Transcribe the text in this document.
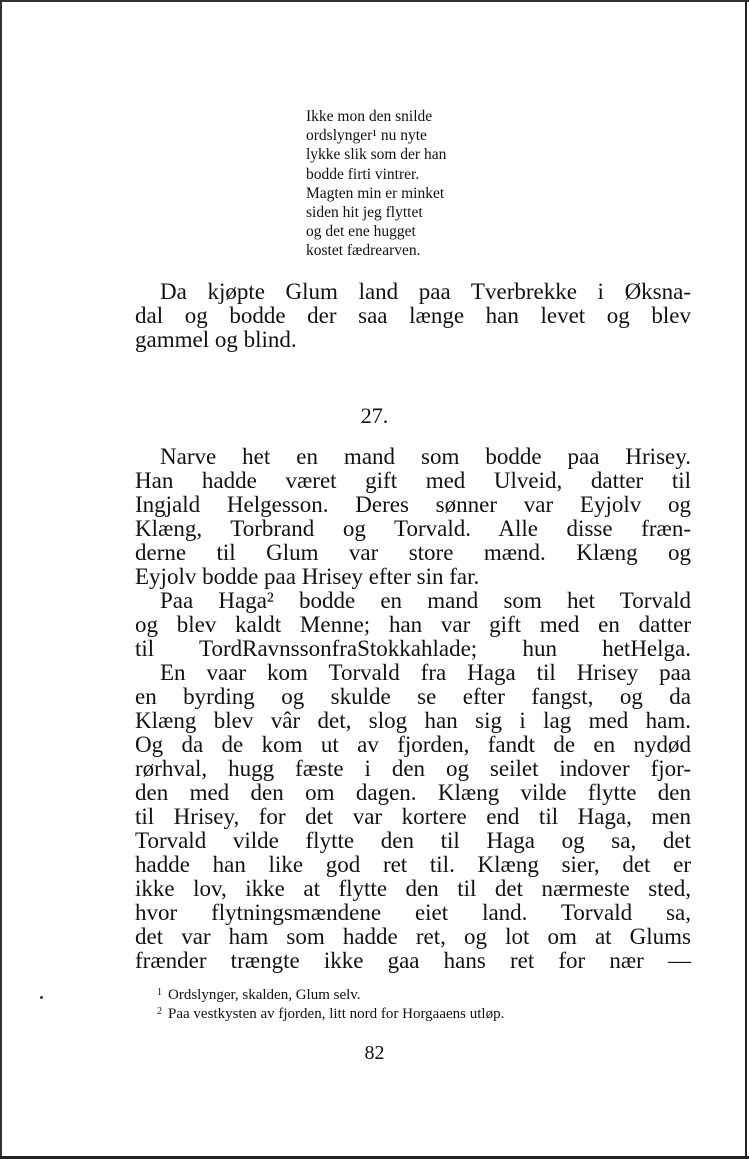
Ikke mon den snilde
ordslynger¹ nu nyte
lykke slik som der han
bodde firti vintrer.
Magten min er minket
siden hit jeg flyttet
og det ene hugget
kostet fædrearven.
Da kjøpte Glum land paa Tverbrekke i Øksna-
dal og bodde der saa længe han levet og blev
gammel og blind.
27.
Narve het en mand som bodde paa Hrisey.
Han hadde været gift med Ulveid, datter til
Ingjald Helgesson. Deres sønner var Eyjolv og
Klæng, Torbrand og Torvald. Alle disse fræn-
derne til Glum var store mænd. Klæng og
Eyjolv bodde paa Hrisey efter sin far.
Paa Haga² bodde en mand som het Torvald
og blev kaldt Menne; han var gift med en datter
til TordRavnssonfraStokkahlade; hun hetHelga.
En vaar kom Torvald fra Haga til Hrisey paa
en byrding og skulde se efter fangst, og da
Klæng blev vâr det, slog han sig i lag med ham.
Og da de kom ut av fjorden, fandt de en nydød
rørhval, hugg fæste i den og seilet indover fjor-
den med den om dagen. Klæng vilde flytte den
til Hrisey, for det var kortere end til Haga, men
Torvald vilde flytte den til Haga og sa, det
hadde han like god ret til. Klæng sier, det er
ikke lov, ikke at flytte den til det nærmeste sted,
hvor flytningsmændene eiet land. Torvald sa,
det var ham som hadde ret, og lot om at Glums
frænder trængte ikke gaa hans ret for nær —
$^1$ Ordslynger, skalden, Glum selv.
$^2$ Paa vestkysten av fjorden, litt nord for Horgaaens utløp.
82
